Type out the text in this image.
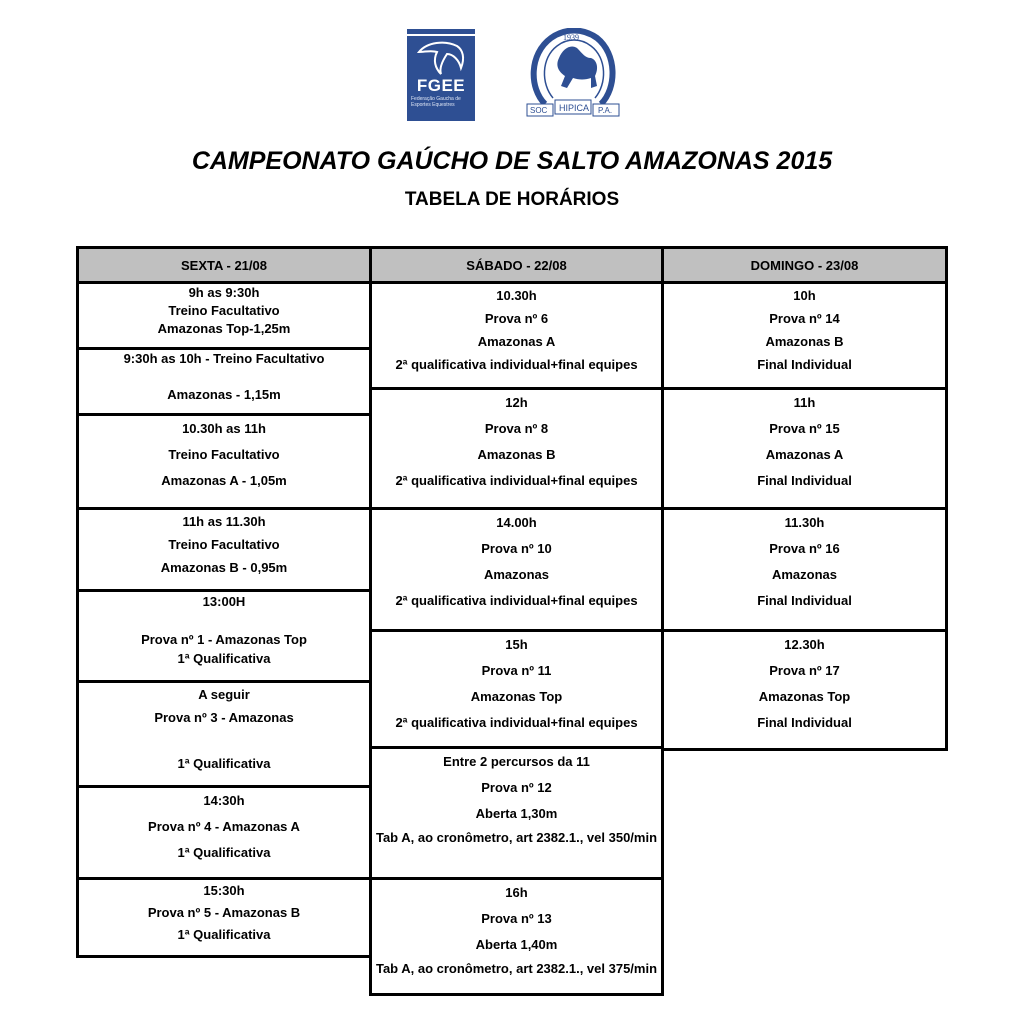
FGEE
Federação Gaucha de Esportes Equestres
1939
SOC HIPICA P.A.
CAMPEONATO GAÚCHO DE SALTO AMAZONAS 2015
TABELA DE HORÁRIOS
SEXTA - 21/08
9h as 9:30h
Treino Facultativo
Amazonas Top-1,25m
9:30h as 10h - Treino Facultativo

Amazonas - 1,15m
10.30h as 11h
Treino Facultativo
Amazonas A - 1,05m
11h as 11.30h
Treino Facultativo
Amazonas B - 0,95m
13:00H

Prova nº 1 - Amazonas Top
1ª Qualificativa
A seguir
Prova nº 3 - Amazonas

1ª Qualificativa
14:30h
Prova nº 4 - Amazonas A
1ª Qualificativa
15:30h
Prova nº 5 - Amazonas B
1ª Qualificativa
SÁBADO - 22/08
10.30h
Prova nº 6
Amazonas A
2ª qualificativa individual+final equipes
12h
Prova nº 8
Amazonas B
2ª qualificativa individual+final equipes
14.00h
Prova nº 10
Amazonas
2ª qualificativa individual+final equipes
15h
Prova nº 11
Amazonas Top
2ª qualificativa individual+final equipes
Entre 2 percursos da 11
Prova nº 12
Aberta 1,30m
Tab A, ao cronômetro, art 2382.1., vel 350/min
16h
Prova nº 13
Aberta 1,40m
Tab A, ao cronômetro, art 2382.1., vel 375/min
DOMINGO - 23/08
10h
Prova nº 14
Amazonas B
Final Individual
11h
Prova nº 15
Amazonas A
Final Individual
11.30h
Prova nº 16
Amazonas
Final Individual
12.30h
Prova nº 17
Amazonas Top
Final Individual
